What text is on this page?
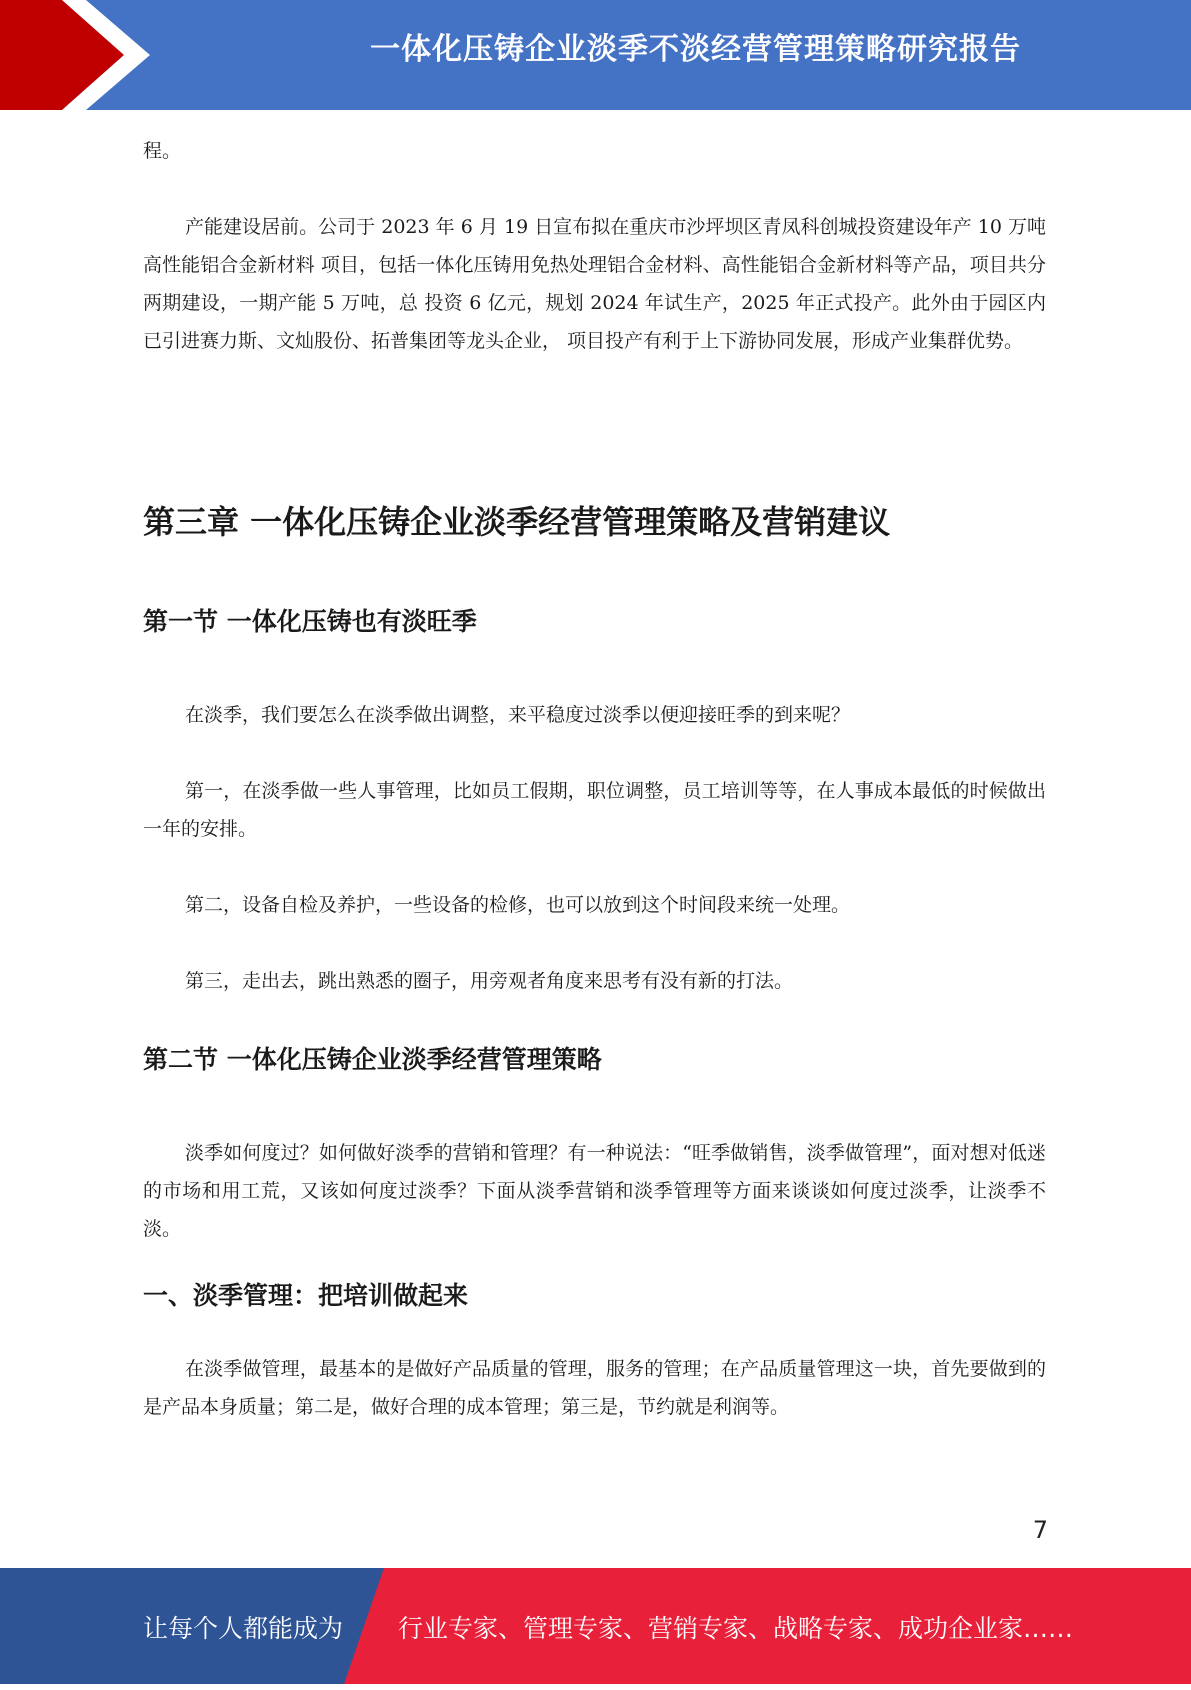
一体化压铸企业淡季不淡经营管理策略研究报告

程。

产能建设居前。公司于 2023 年 6 月 19 日宣布拟在重庆市沙坪坝区青凤科创城投资建设年产 10 万吨高性能铝合金新材料 项目，包括一体化压铸用免热处理铝合金材料、高性能铝合金新材料等产品，项目共分两期建设，一期产能 5 万吨，总 投资 6 亿元，规划 2024 年试生产，2025 年正式投产。此外由于园区内已引进赛力斯、文灿股份、拓普集团等龙头企业， 项目投产有利于上下游协同发展，形成产业集群优势。

第三章 一体化压铸企业淡季经营管理策略及营销建议
第一节 一体化压铸也有淡旺季

在淡季，我们要怎么在淡季做出调整，来平稳度过淡季以便迎接旺季的到来呢？

第一，在淡季做一些人事管理，比如员工假期，职位调整，员工培训等等，在人事成本最低的时候做出一年的安排。

第二，设备自检及养护，一些设备的检修，也可以放到这个时间段来统一处理。

第三，走出去，跳出熟悉的圈子，用旁观者角度来思考有没有新的打法。

第二节 一体化压铸企业淡季经营管理策略

淡季如何度过？如何做好淡季的营销和管理？有一种说法：“旺季做销售，淡季做管理”，面对想对低迷的市场和用工荒，又该如何度过淡季？下面从淡季营销和淡季管理等方面来谈谈如何度过淡季，让淡季不淡。

一、淡季管理：把培训做起来

在淡季做管理，最基本的是做好产品质量的管理，服务的管理；在产品质量管理这一块，首先要做到的是产品本身质量；第二是，做好合理的成本管理；第三是，节约就是利润等。

7
让每个人都能成为 行业专家、管理专家、营销专家、战略专家、成功企业家……
